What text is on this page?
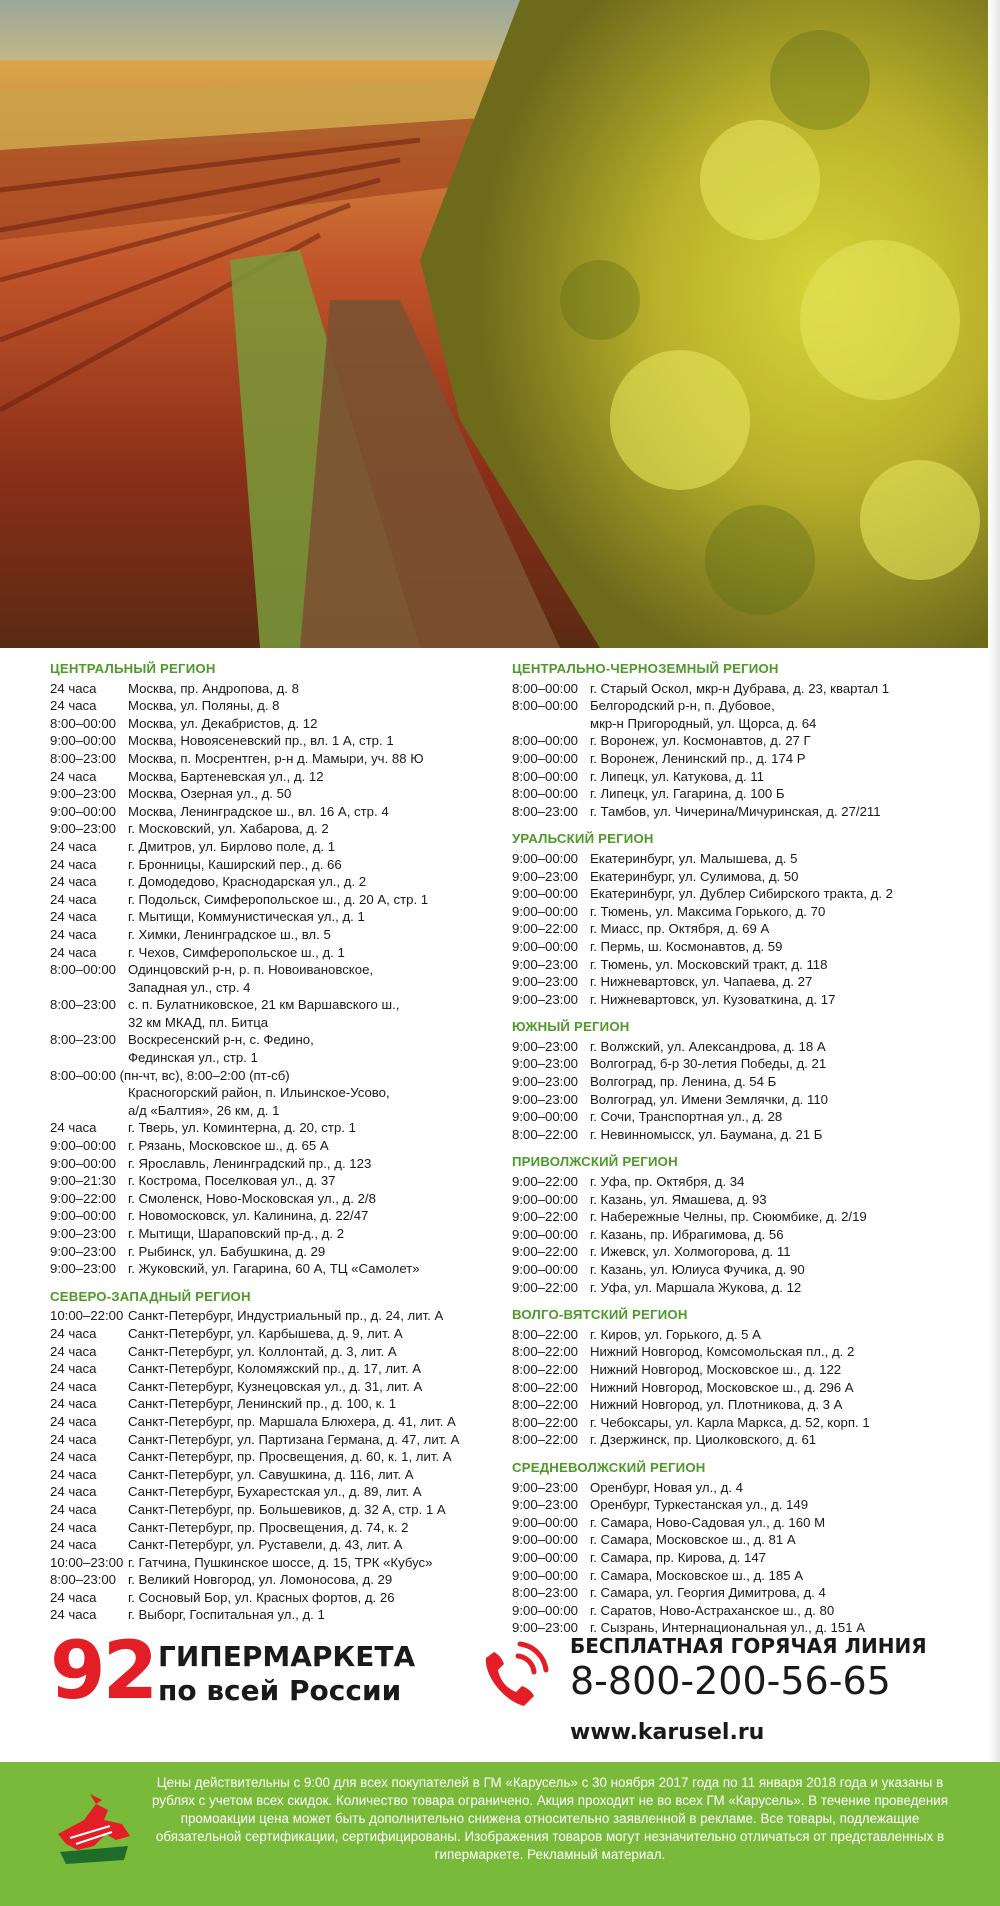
ЦЕНТРАЛЬНЫЙ РЕГИОН
24 часа	Москва, пр. Андропова, д. 8
24 часа	Москва, ул. Поляны, д. 8
8:00–00:00 Москва, ул. Декабристов, д. 12
9:00–00:00 Москва, Новоясеневский пр., вл. 1 А, стр. 1
8:00–23:00 Москва, п. Мосрентген, р-н д. Мамыри, уч. 88 Ю
24 часа	Москва, Бартеневская ул., д. 12
9:00–23:00 Москва, Озерная ул., д. 50
9:00–00:00 Москва, Ленинградское ш., вл. 16 А, стр. 4
9:00–23:00 г. Московский, ул. Хабарова, д. 2
24 часа	г. Дмитров, ул. Бирлово поле, д. 1
24 часа	г. Бронницы, Каширский пер., д. 66
24 часа	г. Домодедово, Краснодарская ул., д. 2
24 часа	г. Подольск, Симферопольское ш., д. 20 А, стр. 1
24 часа	г. Мытищи, Коммунистическая ул., д. 1
24 часа	г. Химки, Ленинградское ш., вл. 5
24 часа	г. Чехов, Симферопольское ш., д. 1
8:00–00:00 Одинцовский р-н, р. п. Новоивановское,
Западная ул., стр. 4
8:00–23:00 с. п. Булатниковское, 21 км Варшавского ш.,
32 км МКАД, пл. Битца
8:00–23:00 Воскресенский р-н, с. Федино,
Фединская ул., стр. 1
8:00–00:00 (пн-чт, вс), 8:00–2:00 (пт-сб)
Красногорский район, п. Ильинское-Усово,
а/д «Балтия», 26 км, д. 1
24 часа	г. Тверь, ул. Коминтерна, д. 20, стр. 1
9:00–00:00 г. Рязань, Московское ш., д. 65 А
9:00–00:00 г. Ярославль, Ленинградский пр., д. 123
9:00–21:30 г. Кострома, Поселковая ул., д. 37
9:00–22:00 г. Смоленск, Ново-Московская ул., д. 2/8
9:00–00:00 г. Новомосковск, ул. Калинина, д. 22/47
9:00–23:00 г. Мытищи, Шараповский пр-д., д. 2
9:00–23:00 г. Рыбинск, ул. Бабушкина, д. 29
9:00–23:00 г. Жуковский, ул. Гагарина, 60 А, ТЦ «Самолет»
СЕВЕРО-ЗАПАДНЫЙ РЕГИОН
10:00–22:00 Санкт-Петербург, Индустриальный пр., д. 24, лит. А
24 часа	Санкт-Петербург, ул. Карбышева, д. 9, лит. А
24 часа	Санкт-Петербург, ул. Коллонтай, д. 3, лит. А
24 часа	Санкт-Петербург, Коломяжский пр., д. 17, лит. А
24 часа	Санкт-Петербург, Кузнецовская ул., д. 31, лит. А
24 часа	Санкт-Петербург, Ленинский пр., д. 100, к. 1
24 часа	Санкт-Петербург, пр. Маршала Блюхера, д. 41, лит. А
24 часа	Санкт-Петербург, ул. Партизана Германа, д. 47, лит. А
24 часа	Санкт-Петербург, пр. Просвещения, д. 60, к. 1, лит. А
24 часа	Санкт-Петербург, ул. Савушкина, д. 116, лит. А
24 часа	Санкт-Петербург, Бухарестская ул., д. 89, лит. А
24 часа	Санкт-Петербург, пр. Большевиков, д. 32 А, стр. 1 А
24 часа	Санкт-Петербург, пр. Просвещения, д. 74, к. 2
24 часа	Санкт-Петербург, ул. Руставели, д. 43, лит. А
10:00–23:00 г. Гатчина, Пушкинское шоссе, д. 15, ТРК «Кубус»
8:00–23:00 г. Великий Новгород, ул. Ломоносова, д. 29
24 часа	г. Сосновый Бор, ул. Красных фортов, д. 26
24 часа	г. Выборг, Госпитальная ул., д. 1
ЦЕНТРАЛЬНО-ЧЕРНОЗЕМНЫЙ РЕГИОН
8:00–00:00 г. Старый Оскол, мкр-н Дубрава, д. 23, квартал 1
8:00–00:00 Белгородский р-н, п. Дубовое,
мкр-н Пригородный, ул. Щорса, д. 64
8:00–00:00 г. Воронеж, ул. Космонавтов, д. 27 Г
9:00–00:00 г. Воронеж, Ленинский пр., д. 174 Р
8:00–00:00 г. Липецк, ул. Катукова, д. 11
8:00–00:00 г. Липецк, ул. Гагарина, д. 100 Б
8:00–23:00 г. Тамбов, ул. Чичерина/Мичуринская, д. 27/211
УРАЛЬСКИЙ РЕГИОН
9:00–00:00 Екатеринбург, ул. Малышева, д. 5
9:00–23:00 Екатеринбург, ул. Сулимова, д. 50
9:00–00:00 Екатеринбург, ул. Дублер Сибирского тракта, д. 2
9:00–00:00 г. Тюмень, ул. Максима Горького, д. 70
9:00–22:00 г. Миасс, пр. Октября, д. 69 А
9:00–00:00 г. Пермь, ш. Космонавтов, д. 59
9:00–23:00 г. Тюмень, ул. Московский тракт, д. 118
9:00–23:00 г. Нижневартовск, ул. Чапаева, д. 27
9:00–23:00 г. Нижневартовск, ул. Кузоваткина, д. 17
ЮЖНЫЙ РЕГИОН
9:00–23:00 г. Волжский, ул. Александрова, д. 18 А
9:00–23:00 Волгоград, б-р 30-летия Победы, д. 21
9:00–23:00 Волгоград, пр. Ленина, д. 54 Б
9:00–23:00 Волгоград, ул. Имени Землячки, д. 110
9:00–00:00 г. Сочи, Транспортная ул., д. 28
8:00–22:00 г. Невинномысск, ул. Баумана, д. 21 Б
ПРИВОЛЖСКИЙ РЕГИОН
9:00–22:00 г. Уфа, пр. Октября, д. 34
9:00–00:00 г. Казань, ул. Ямашева, д. 93
9:00–22:00 г. Набережные Челны, пр. Сююмбике, д. 2/19
9:00–00:00 г. Казань, пр. Ибрагимова, д. 56
9:00–22:00 г. Ижевск, ул. Холмогорова, д. 11
9:00–00:00 г. Казань, ул. Юлиуса Фучика, д. 90
9:00–22:00 г. Уфа, ул. Маршала Жукова, д. 12
ВОЛГО-ВЯТСКИЙ РЕГИОН
8:00–22:00 г. Киров, ул. Горького, д. 5 А
8:00–22:00 Нижний Новгород, Комсомольская пл., д. 2
8:00–22:00 Нижний Новгород, Московское ш., д. 122
8:00–22:00 Нижний Новгород, Московское ш., д. 296 А
8:00–22:00 Нижний Новгород, ул. Плотникова, д. 3 А
8:00–22:00 г. Чебоксары, ул. Карла Маркса, д. 52, корп. 1
8:00–22:00 г. Дзержинск, пр. Циолковского, д. 61
СРЕДНЕВОЛЖСКИЙ РЕГИОН
9:00–23:00 Оренбург, Новая ул., д. 4
9:00–23:00 Оренбург, Туркестанская ул., д. 149
9:00–00:00 г. Самара, Ново-Садовая ул., д. 160 М
9:00–00:00 г. Самара, Московское ш., д. 81 А
9:00–00:00 г. Самара, пр. Кирова, д. 147
9:00–00:00 г. Самара, Московское ш., д. 185 А
8:00–23:00 г. Самара, ул. Георгия Димитрова, д. 4
9:00–00:00 г. Саратов, Ново-Астраханское ш., д. 80
9:00–23:00 г. Сызрань, Интернациональная ул., д. 151 А
92 ГИПЕРМАРКЕТА
по всей России
БЕСПЛАТНАЯ ГОРЯЧАЯ ЛИНИЯ
8-800-200-56-65
www.karusel.ru
Цены действительны с 9:00 для всех покупателей в ГМ «Карусель» с 30 ноября 2017 года по 11 января 2018 года и указаны в рублях с учетом всех скидок. Количество товара ограничено. Акция проходит не во всех ГМ «Карусель». В течение проведения промоакции цена может быть дополнительно снижена относительно заявленной в рекламе. Все товары, подлежащие обязательной сертификации, сертифицированы. Изображения товаров могут незначительно отличаться от представленных в гипермаркете. Рекламный материал.
